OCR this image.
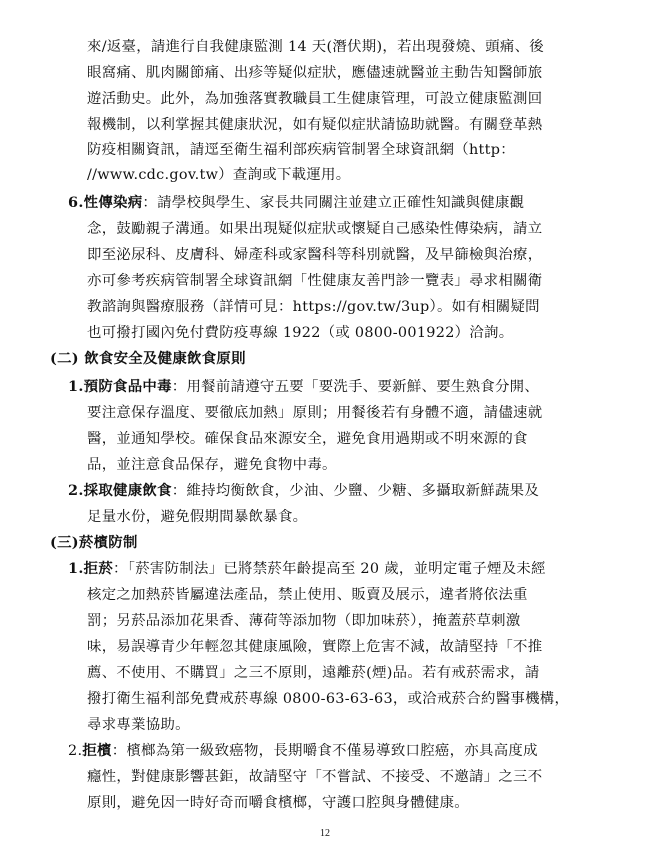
來/返臺，請進行自我健康監測 14 天(潛伏期)，若出現發燒、頭痛、後
眼窩痛、肌肉關節痛、出疹等疑似症狀，應儘速就醫並主動告知醫師旅
遊活動史。此外，為加強落實教職員工生健康管理，可設立健康監測回
報機制，以利掌握其健康狀況，如有疑似症狀請協助就醫。有關登革熱
防疫相關資訊，請逕至衛生福利部疾病管制署全球資訊網（http：
//www.cdc.gov.tw）查詢或下載運用。
6.性傳染病：請學校與學生、家長共同關注並建立正確性知識與健康觀
念，鼓勵親子溝通。如果出現疑似症狀或懷疑自己感染性傳染病，請立
即至泌尿科、皮膚科、婦產科或家醫科等科別就醫，及早篩檢與治療，
亦可參考疾病管制署全球資訊網「性健康友善門診一覽表」尋求相關衛
教諮詢與醫療服務（詳情可見：https://gov.tw/3up）。如有相關疑問
也可撥打國內免付費防疫專線 1922（或 0800-001922）洽詢。
(二) 飲食安全及健康飲食原則
1.預防食品中毒：用餐前請遵守五要「要洗手、要新鮮、要生熟食分開、
要注意保存溫度、要徹底加熱」原則；用餐後若有身體不適，請儘速就
醫，並通知學校。確保食品來源安全，避免食用過期或不明來源的食
品，並注意食品保存，避免食物中毒。
2.採取健康飲食：維持均衡飲食，少油、少鹽、少糖、多攝取新鮮蔬果及
足量水份，避免假期間暴飲暴食。
(三)菸檳防制
1.拒菸：「菸害防制法」已將禁菸年齡提高至 20 歲，並明定電子煙及未經
核定之加熱菸皆屬違法產品，禁止使用、販賣及展示，違者將依法重
罰；另菸品添加花果香、薄荷等添加物（即加味菸），掩蓋菸草刺激
味，易誤導青少年輕忽其健康風險，實際上危害不減，故請堅持「不推
薦、不使用、不購買」之三不原則，遠離菸(煙)品。若有戒菸需求，請
撥打衛生福利部免費戒菸專線 0800-63-63-63，或洽戒菸合約醫事機構，
尋求專業協助。
2.拒檳：檳榔為第一級致癌物，長期嚼食不僅易導致口腔癌，亦具高度成
癮性，對健康影響甚鉅，故請堅守「不嘗試、不接受、不邀請」之三不
原則，避免因一時好奇而嚼食檳榔，守護口腔與身體健康。
12
